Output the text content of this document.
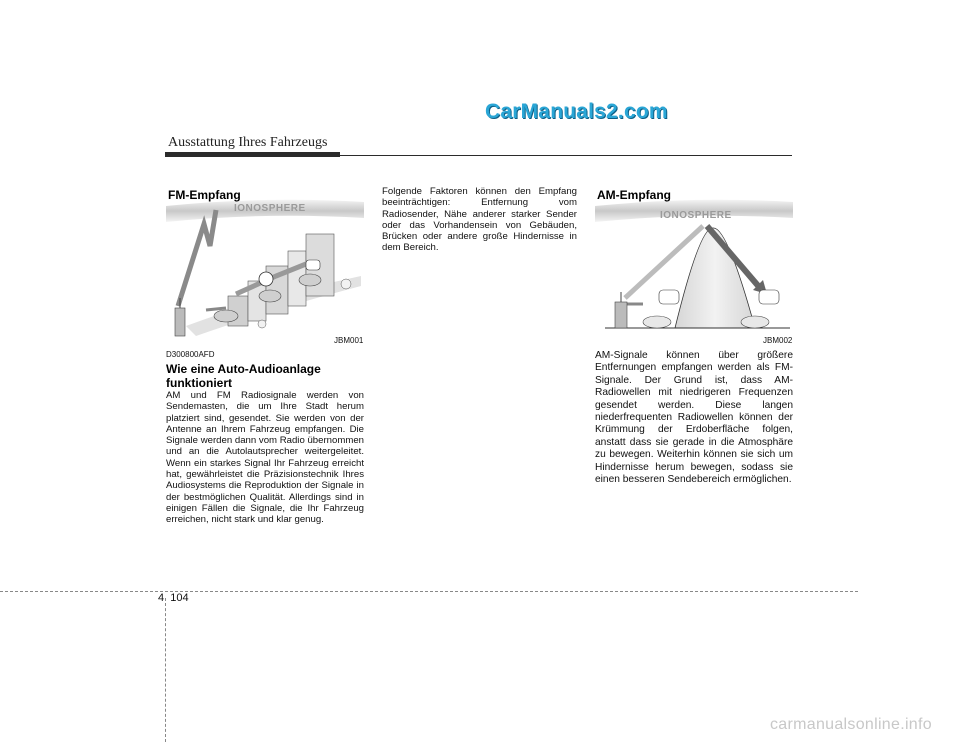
CarManuals2.com
Ausstattung Ihres Fahrzeugs
FM-Empfang
IONOSPHERE
JBM001
AM-Empfang
IONOSPHERE
JBM002
D300800AFD
Wie eine Auto-Audioanlage
funktioniert
AM und FM Radiosignale werden von Sendemasten, die um Ihre Stadt herum platziert sind, gesendet. Sie werden von der Antenne an Ihrem Fahrzeug empfangen. Die Signale werden dann vom Radio übernommen und an die Autolautsprecher weitergeleitet. Wenn ein starkes Signal Ihr Fahrzeug erreicht hat, gewährleistet die Präzisionstechnik Ihres Audiosystems die Reproduktion der Signale in der bestmöglichen Qualität. Allerdings sind in einigen Fällen die Signale, die Ihr Fahrzeug erreichen, nicht stark und klar genug.
Folgende Faktoren können den Empfang beeinträchtigen: Entfernung vom Radiosender, Nähe anderer starker Sender oder das Vorhandensein von Gebäuden, Brücken oder andere große Hindernisse in dem Bereich.
AM-Signale können über größere Entfernungen empfangen werden als FM-Signale. Der Grund ist, dass AM-Radiowellen mit niedrigeren Frequenzen gesendet werden. Diese langen niederfrequenten Radiowellen können der Krümmung der Erdoberfläche folgen, anstatt dass sie gerade in die Atmosphäre zu bewegen. Weiterhin können sie sich um Hindernisse herum bewegen, sodass sie einen besseren Sendebereich ermöglichen.
4 104
carmanualsonline.info
